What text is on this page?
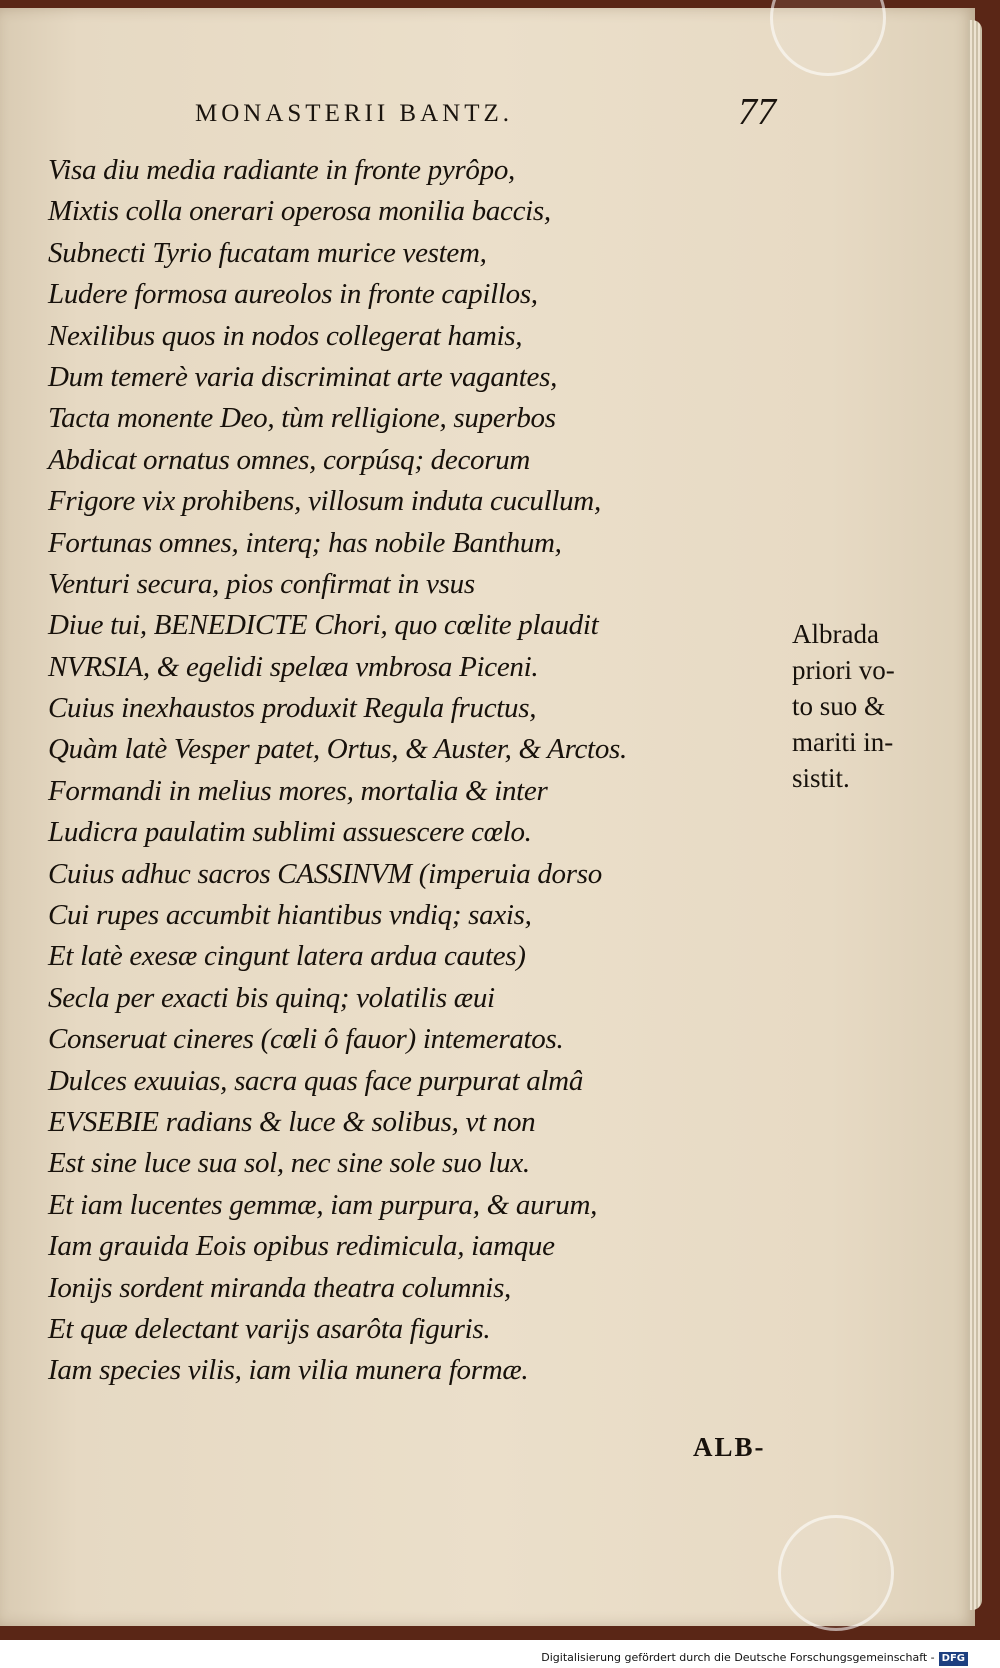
MONASTERII BANTZ.	77
Visa diu media radiante in fronte pyrôpo,
Mixtis colla onerari operosa monilia baccis,
Subnecti Tyrio fucatam murice vestem,
Ludere formosa aureolos in fronte capillos,
Nexilibus quos in nodos collegerat hamis,
Dum temerè varia discriminat arte vagantes,
Tacta monente Deo, tùm relligione, superbos
Abdicat ornatus omnes, corpúsq; decorum
Frigore vix prohibens, villosum induta cucullum,
Fortunas omnes, interq; has nobile Banthum,
Venturi secura, pios confirmat in vsus
Diue tui, BENEDICTE Chori, quo cœlite plaudit
NVRSIA, & egelidi spelæa vmbrosa Piceni.
Cuius inexhaustos produxit Regula fructus,
Quàm latè Vesper patet, Ortus, & Auster, & Arctos.
Formandi in melius mores, mortalia & inter
Ludicra paulatim sublimi assuescere cœlo.
Cuius adhuc sacros CASSINVM (imperuia dorso
Cui rupes accumbit hiantibus vndiq; saxis,
Et latè exesæ cingunt latera ardua cautes)
Secla per exacti bis quinq; volatilis æui
Conseruat cineres (cœli ô fauor) intemeratos.
Dulces exuuias, sacra quas face purpurat almâ
EVSEBIE radians & luce & solibus, vt non
Est sine luce sua sol, nec sine sole suo lux.
Et iam lucentes gemmæ, iam purpura, & aurum,
Iam grauida Eois opibus redimicula, iamque
Ionijs sordent miranda theatra columnis,
Et quæ delectant varijs asarôta figuris.
Iam species vilis, iam vilia munera formæ.
Albrada
priori vo-
to suo &
mariti in-
sistit.
ALB-
Digitalisierung gefördert durch die Deutsche Forschungsgemeinschaft - DFG
